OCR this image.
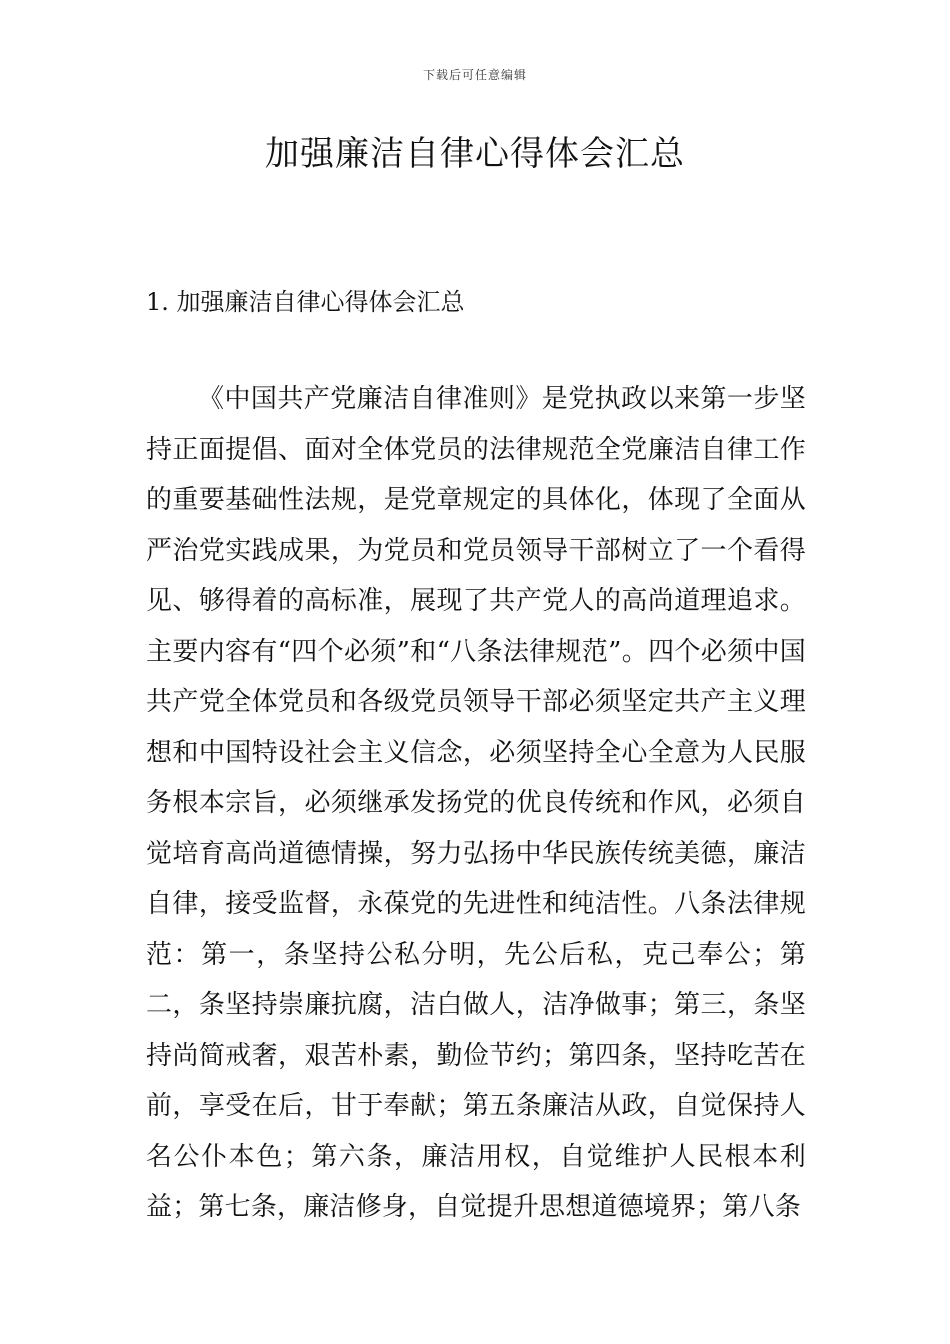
下载后可任意编辑
加强廉洁自律心得体会汇总
1. 加强廉洁自律心得体会汇总

《中国共产党廉洁自律准则》是党执政以来第一步坚持正面提倡、面对全体党员的法律规范全党廉洁自律工作的重要基础性法规，是党章规定的具体化，体现了全面从严治党实践成果，为党员和党员领导干部树立了一个看得见、够得着的高标准，展现了共产党人的高尚道理追求。主要内容有“四个必须”和“八条法律规范”。四个必须中国共产党全体党员和各级党员领导干部必须坚定共产主义理想和中国特设社会主义信念，必须坚持全心全意为人民服务根本宗旨，必须继承发扬党的优良传统和作风，必须自觉培育高尚道德情操，努力弘扬中华民族传统美德，廉洁自律，接受监督，永葆党的先进性和纯洁性。八条法律规范：第一，条坚持公私分明，先公后私，克己奉公；第二，条坚持崇廉抗腐，洁白做人，洁净做事；第三，条坚持尚简戒奢，艰苦朴素，勤俭节约；第四条，坚持吃苦在前，享受在后，甘于奉献；第五条廉洁从政，自觉保持人名公仆本色；第六条，廉洁用权，自觉维护人民根本利益；第七条，廉洁修身，自觉提升思想道德境界；第八条
